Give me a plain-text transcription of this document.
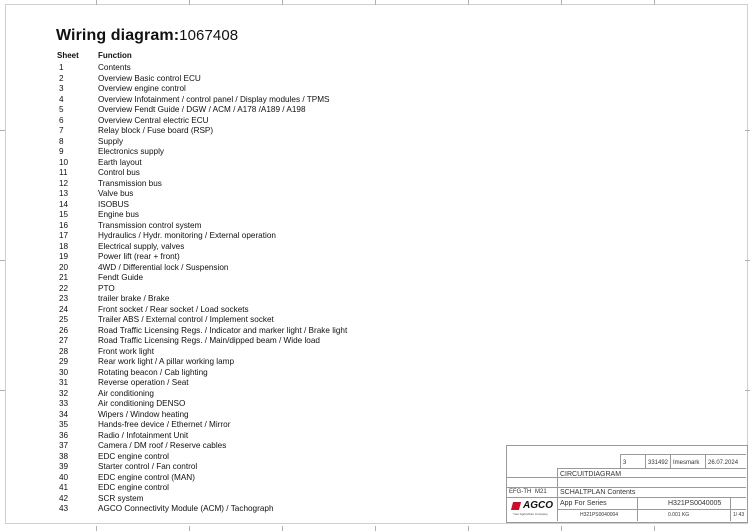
Wiring diagram:1067408
Sheet Function
1	Contents
2	Overview Basic control ECU
3	Overview engine control
4	Overview Infotainment / control panel / Display modules / TPMS
5	Overview Fendt Guide / DGW / ACM / A178 /A189 / A198
6	Overview Central electric ECU
7	Relay block / Fuse board (RSP)
8	Supply
9	Electronics supply
10	Earth layout
11	Control bus
12	Transmission bus
13	Valve bus
14	ISOBUS
15	Engine bus
16	Transmission control system
17	Hydraulics / Hydr. monitoring / External operation
18	Electrical supply, valves
19	Power lift (rear + front)
20	4WD / Differential lock / Suspension
21	Fendt Guide
22	PTO
23	trailer brake / Brake
24	Front socket / Rear socket / Load sockets
25	Trailer ABS / External control / Implement socket
26	Road Traffic Licensing Regs. / Indicator and marker light / Brake light
27	Road Traffic Licensing Regs. / Main/dipped beam / Wide load
28	Front work light
29	Rear work light / A pillar working lamp
30	Rotating beacon / Cab lighting
31	Reverse operation / Seat
32	Air conditioning
33	Air conditioning DENSO
34	Wipers / Window heating
35	Hands-free device / Ethernet / Mirror
36	Radio / Infotainment Unit
37	Camera / DM roof / Reserve cables
38	EDC engine control
39	Starter control / Fan control
40	EDC engine control (MAN)
41	EDC engine control
42	SCR system
43	AGCO Connectivity Module (ACM) / Tachograph
3	331492 Imesmark 26.07.2024
CIRCUITDIAGRAM
EFG-TH M21 SCHALTPLAN Contents
App For Series	H321PS0040005
H321PS0040004	0.001 KG	1/ 43
AGCO
Your Agriculture Company
